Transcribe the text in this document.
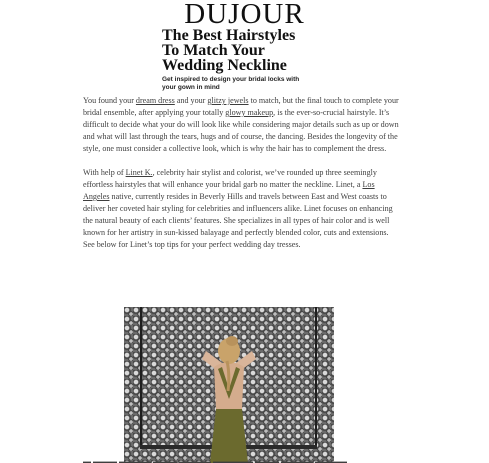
DUJOUR
The Best Hairstyles
To Match Your
Wedding Neckline
Get inspired to design your bridal locks with
your gown in mind

You found your dream dress and your glitzy jewels to match, but the final touch to complete your bridal ensemble, after applying your totally glowy makeup, is the ever-so-crucial hairstyle. It’s difficult to decide what your do will look like while considering major details such as up or down and what will last through the tears, hugs and of course, the dancing. Besides the longevity of the style, one must consider a collective look, which is why the hair has to complement the dress.

With help of Linet K., celebrity hair stylist and colorist, we’ve rounded up three seemingly effortless hairstyles that will enhance your bridal garb no matter the neckline. Linet, a Los Angeles native, currently resides in Beverly Hills and travels between East and West coasts to deliver her coveted hair styling for celebrities and influencers alike. Linet focuses on enhancing the natural beauty of each clients’ features. She specializes in all types of hair color and is well known for her artistry in sun-kissed balayage and perfectly blended color, cuts and extensions. See below for Linet’s top tips for your perfect wedding day tresses.

▬ ▬▬▬ ▬▬▬▬ ▬▬▬ ▬▬▬▬ ▬▬▬▬▬ ▬▬▬ ▬▬▬▬ ▬▬▬▬
